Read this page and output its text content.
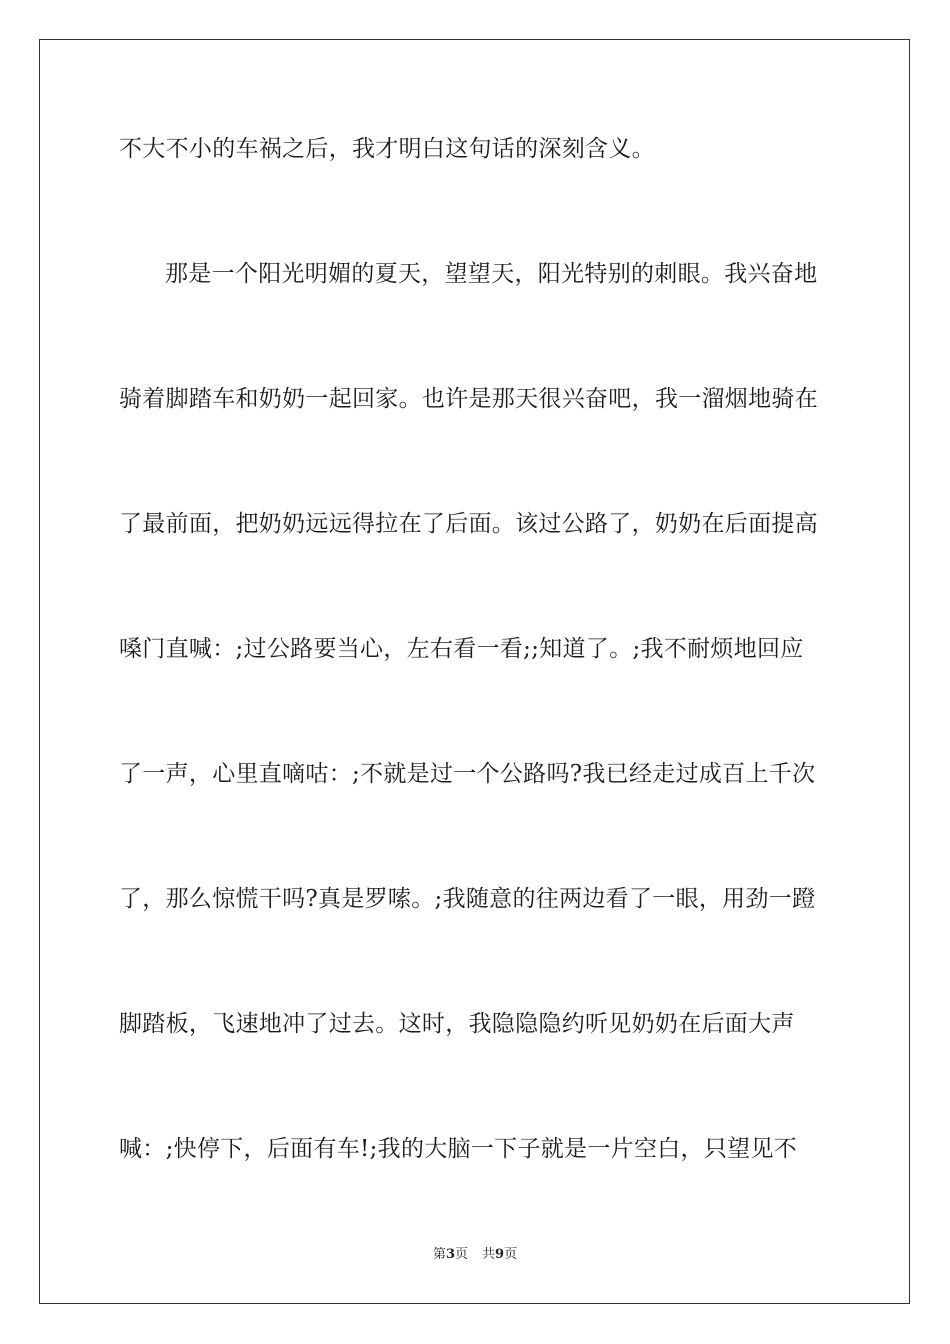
不大不小的车祸之后，我才明白这句话的深刻含义。
那是一个阳光明媚的夏天，望望天，阳光特别的刺眼。我兴奋地
骑着脚踏车和奶奶一起回家。也许是那天很兴奋吧，我一溜烟地骑在
了最前面，把奶奶远远得拉在了后面。该过公路了，奶奶在后面提高
嗓门直喊：;过公路要当心，左右看一看;;知道了。;我不耐烦地回应
了一声，心里直嘀咕：;不就是过一个公路吗?我已经走过成百上千次
了，那么惊慌干吗?真是罗嗦。;我随意的往两边看了一眼，用劲一蹬
脚踏板，飞速地冲了过去。这时，我隐隐隐约听见奶奶在后面大声
喊：;快停下，后面有车!;我的大脑一下子就是一片空白，只望见不
第3页 共9页
